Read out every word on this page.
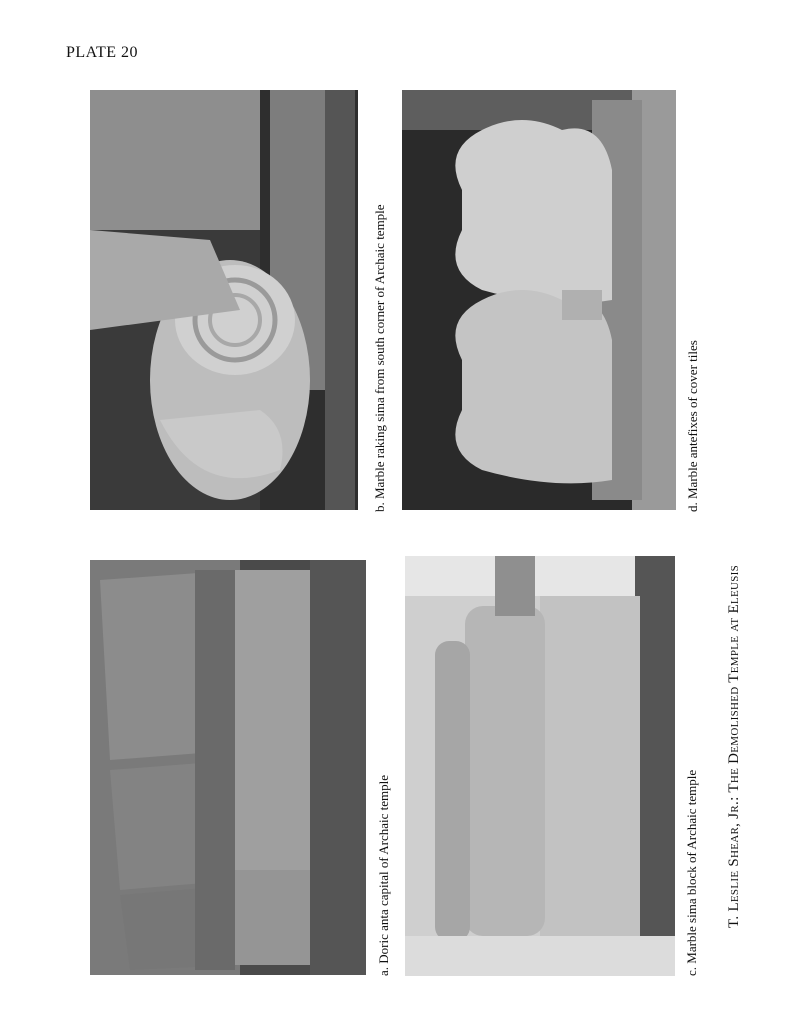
PLATE 20
a. Doric anta capital of Archaic temple
b. Marble raking sima from south corner of Archaic temple
c. Marble sima block of Archaic temple
d. Marble antefixes of cover tiles
T. Leslie Shear, Jr.: The Demolished Temple at Eleusis
